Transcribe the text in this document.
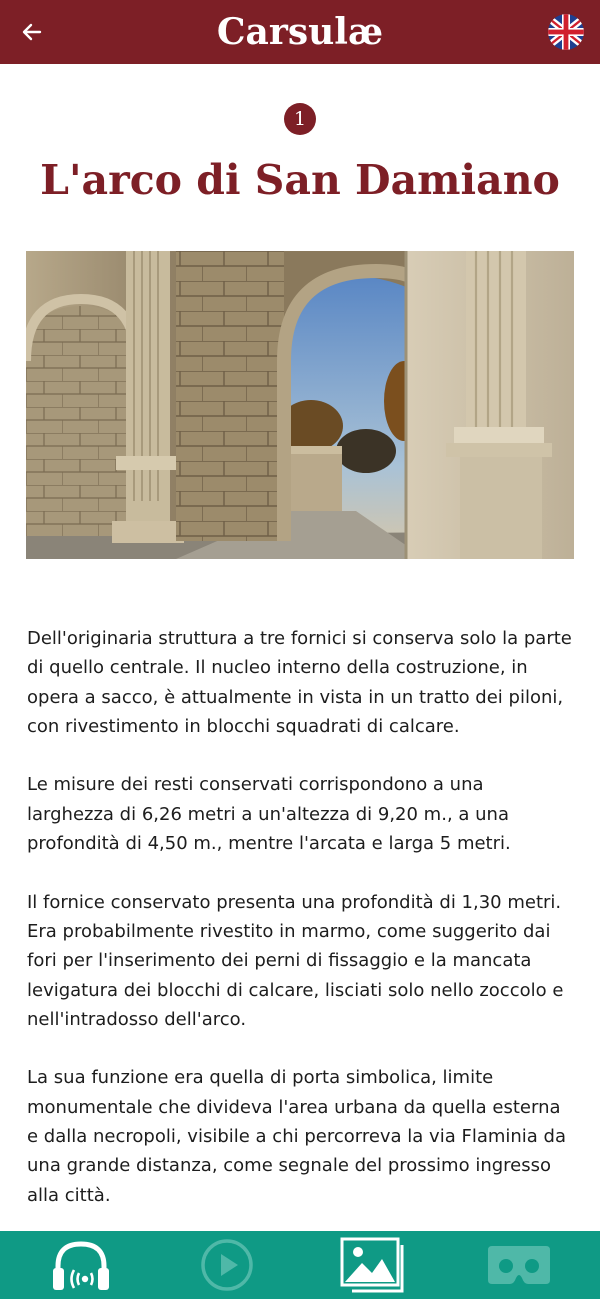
Carsulæ
1
L'arco di San Damiano

Dell'originaria struttura a tre fornici si conserva solo la parte di quello centrale. Il nucleo interno della costruzione, in opera a sacco, è attualmente in vista in un tratto dei piloni, con rivestimento in blocchi squadrati di calcare.

Le misure dei resti conservati corrispondono a una larghezza di 6,26 metri a un'altezza di 9,20 m., a una profondità di 4,50 m., mentre l'arcata e larga 5 metri.

Il fornice conservato presenta una profondità di 1,30 metri. Era probabilmente rivestito in marmo, come suggerito dai fori per l'inserimento dei perni di fissaggio e la mancata levigatura dei blocchi di calcare, lisciati solo nello zoccolo e nell'intradosso dell'arco.

La sua funzione era quella di porta simbolica, limite monumentale che divideva l'area urbana da quella esterna e dalla necropoli, visibile a chi percorreva la via Flaminia da una grande distanza, come segnale del prossimo ingresso alla città.
